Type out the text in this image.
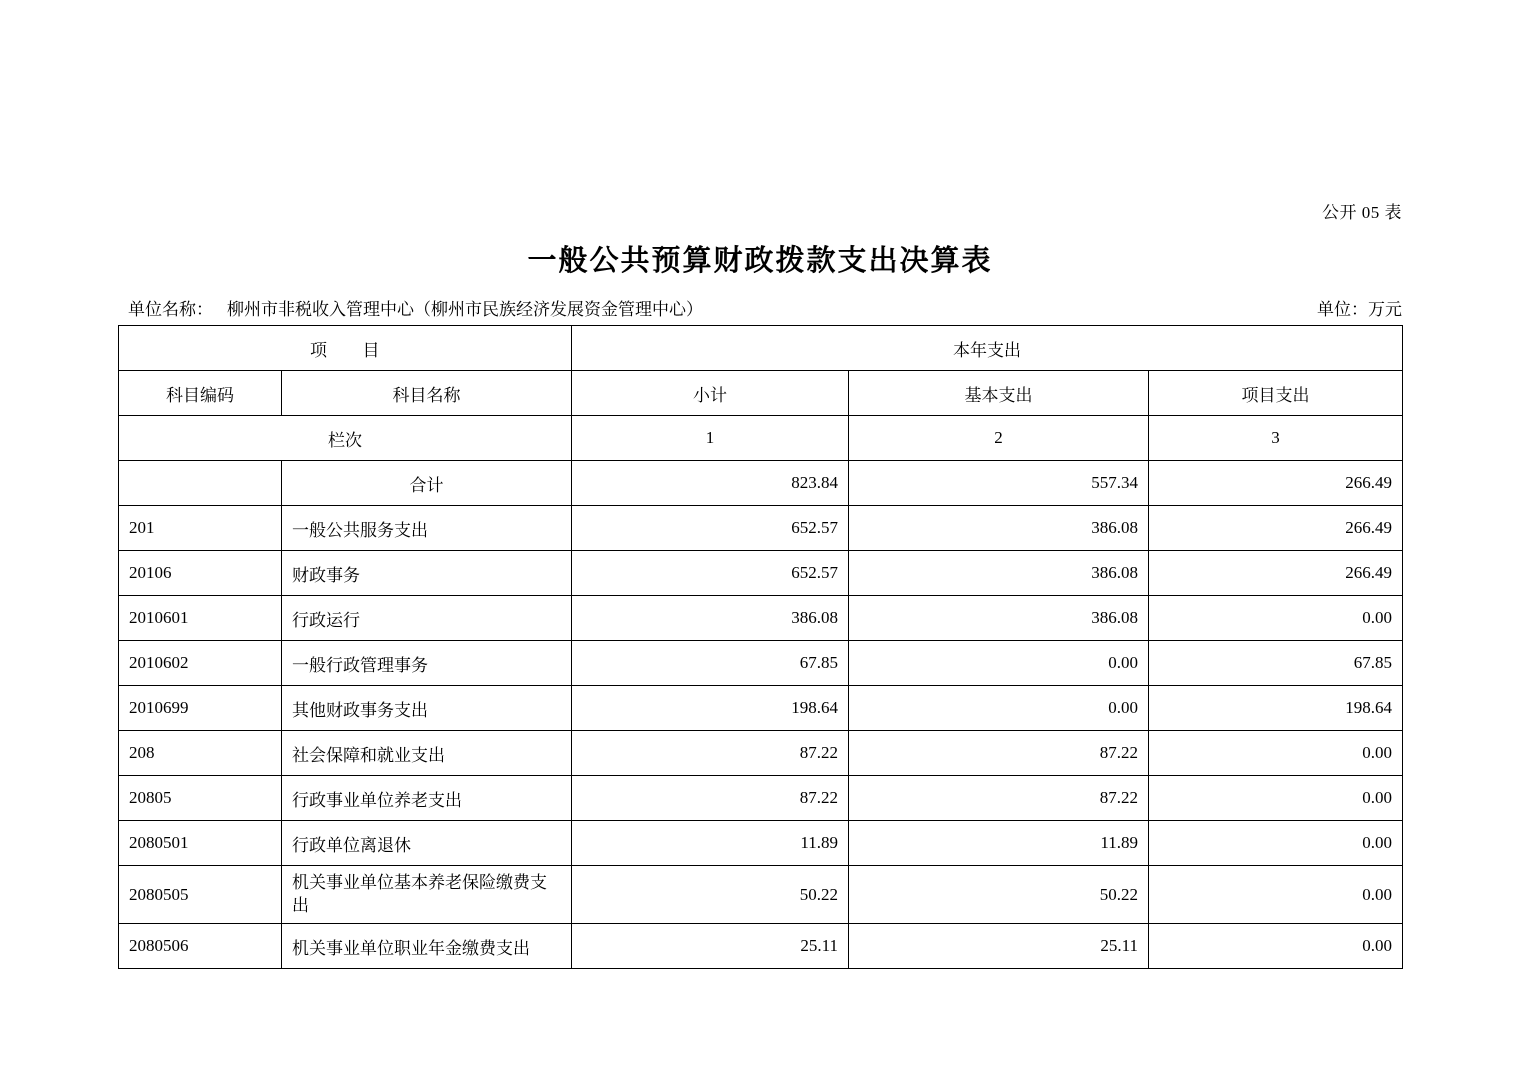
公开 05 表
一般公共预算财政拨款支出决算表
单位名称： 柳州市非税收入管理中心（柳州市民族经济发展资金管理中心）	单位：万元
项　　目		本年支出		
科目编码	科目名称	小计	基本支出	项目支出
栏次		1	2	3
	合计	823.84	557.34	266.49
201	一般公共服务支出	652.57	386.08	266.49
20106	财政事务	652.57	386.08	266.49
2010601	行政运行	386.08	386.08	0.00
2010602	一般行政管理事务	67.85	0.00	67.85
2010699	其他财政事务支出	198.64	0.00	198.64
208	社会保障和就业支出	87.22	87.22	0.00
20805	行政事业单位养老支出	87.22	87.22	0.00
2080501	行政单位离退休	11.89	11.89	0.00
2080505	机关事业单位基本养老保险缴费支出	50.22	50.22	0.00
2080506	机关事业单位职业年金缴费支出	25.11	25.11	0.00
